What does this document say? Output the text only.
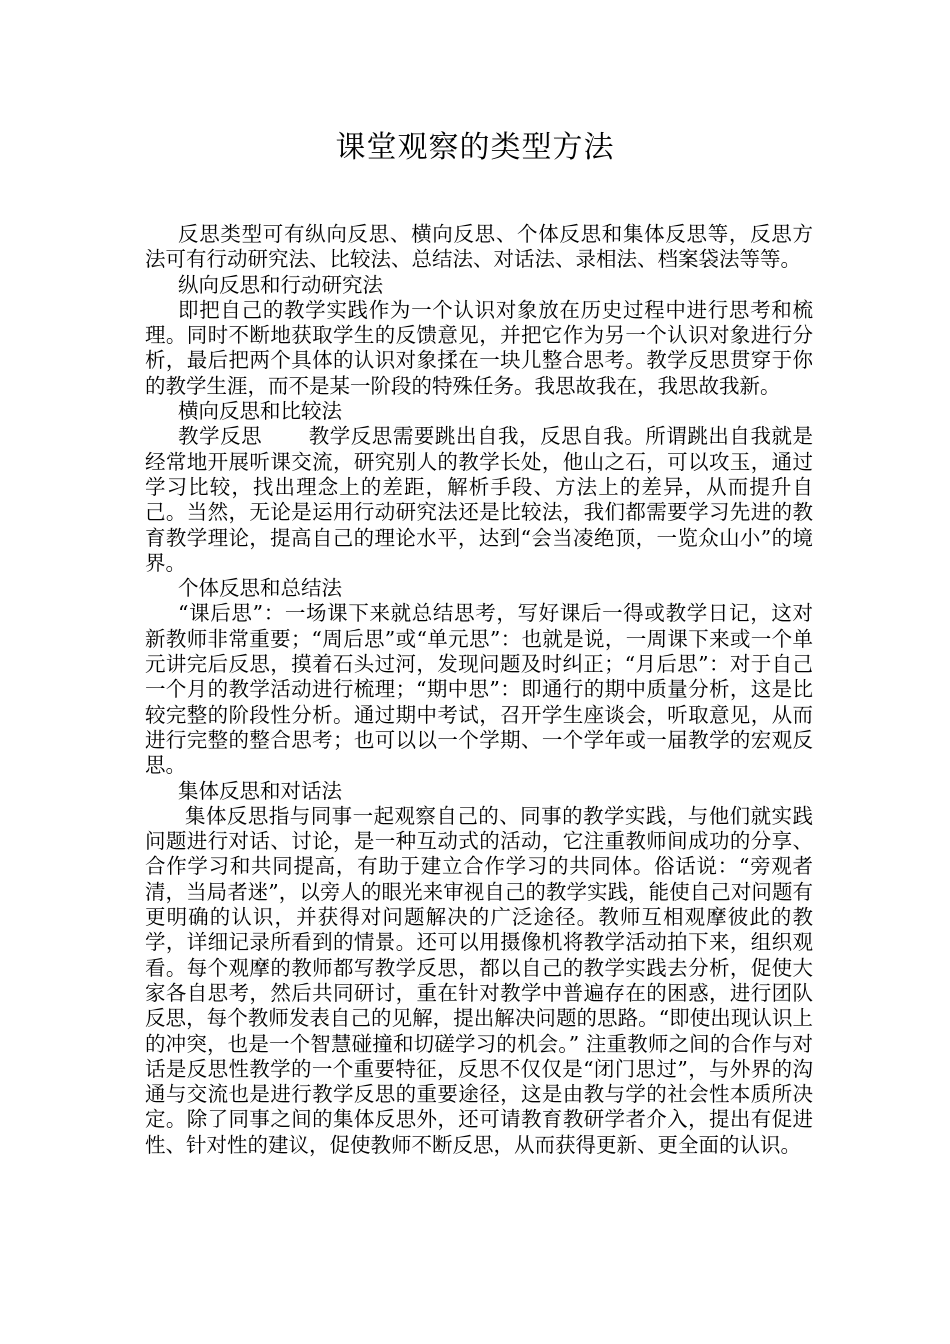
课堂观察的类型方法

反思类型可有纵向反思、横向反思、个体反思和集体反思等，反思方法可有行动研究法、比较法、总结法、对话法、录相法、档案袋法等等。

纵向反思和行动研究法

即把自己的教学实践作为一个认识对象放在历史过程中进行思考和梳理。同时不断地获取学生的反馈意见，并把它作为另一个认识对象进行分析，最后把两个具体的认识对象揉在一块儿整合思考。教学反思贯穿于你的教学生涯，而不是某一阶段的特殊任务。我思故我在，我思故我新。

横向反思和比较法

教学反思 教学反思需要跳出自我，反思自我。所谓跳出自我就是经常地开展听课交流，研究别人的教学长处，他山之石，可以攻玉，通过学习比较，找出理念上的差距，解析手段、方法上的差异，从而提升自己。当然，无论是运用行动研究法还是比较法，我们都需要学习先进的教育教学理论，提高自己的理论水平，达到“会当凌绝顶，一览众山小”的境界。

个体反思和总结法

“课后思”：一场课下来就总结思考，写好课后一得或教学日记，这对新教师非常重要；“周后思”或“单元思”：也就是说，一周课下来或一个单元讲完后反思，摸着石头过河，发现问题及时纠正；“月后思”：对于自己一个月的教学活动进行梳理；“期中思”：即通行的期中质量分析，这是比较完整的阶段性分析。通过期中考试，召开学生座谈会，听取意见，从而进行完整的整合思考；也可以以一个学期、一个学年或一届教学的宏观反思。

集体反思和对话法

集体反思指与同事一起观察自己的、同事的教学实践，与他们就实践问题进行对话、讨论，是一种互动式的活动，它注重教师间成功的分享、合作学习和共同提高，有助于建立合作学习的共同体。俗话说：“旁观者清，当局者迷”，以旁人的眼光来审视自己的教学实践，能使自己对问题有更明确的认识，并获得对问题解决的广泛途径。教师互相观摩彼此的教学，详细记录所看到的情景。还可以用摄像机将教学活动拍下来，组织观看。每个观摩的教师都写教学反思，都以自己的教学实践去分析，促使大家各自思考，然后共同研讨，重在针对教学中普遍存在的困惑，进行团队反思，每个教师发表自己的见解，提出解决问题的思路。“即使出现认识上的冲突，也是一个智慧碰撞和切磋学习的机会。” 注重教师之间的合作与对话是反思性教学的一个重要特征，反思不仅仅是“闭门思过”，与外界的沟通与交流也是进行教学反思的重要途径，这是由教与学的社会性本质所决定。除了同事之间的集体反思外，还可请教育教研学者介入，提出有促进性、针对性的建议，促使教师不断反思，从而获得更新、更全面的认识。
